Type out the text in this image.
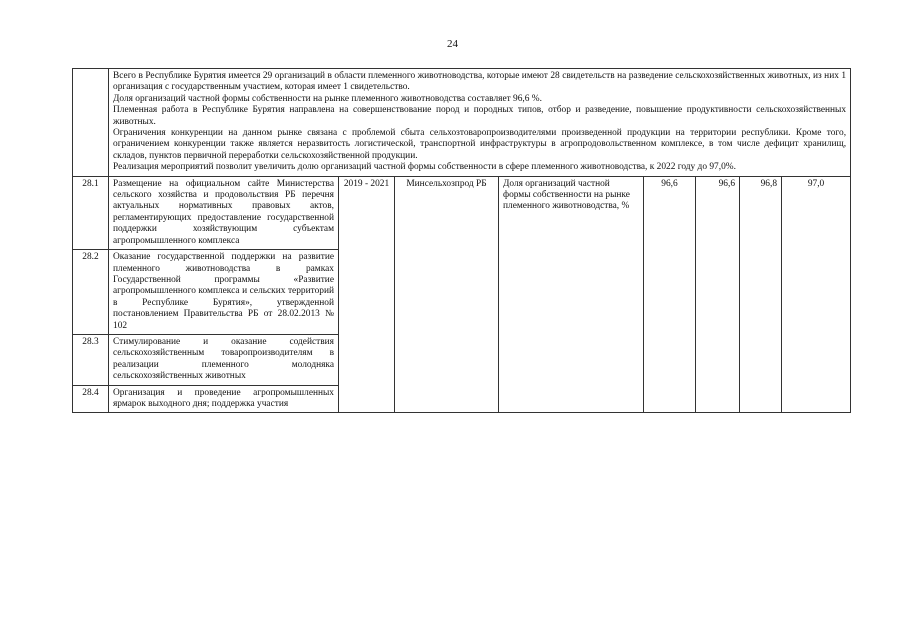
24

	Всего в Республике Бурятия имеется 29 организаций в области племенного животноводства, которые имеют 28 свидетельств на разведение сельскохозяйственных животных, из них 1 организация с государственным участием, которая имеет 1 свидетельство.

Доля организаций частной формы собственности на рынке племенного животноводства составляет 96,6 %.

Племенная работа в Республике Бурятия направлена на совершенствование пород и породных типов, отбор и разведение, повышение продуктивности сельскохозяйственных животных.

Ограничения конкуренции на данном рынке связана с проблемой сбыта сельхозтоваропроизводителями произведенной продукции на территории республики. Кроме того, ограничением конкуренции также является неразвитость логистической, транспортной инфраструктуры в агропродовольственном комплексе, в том числе дефицит хранилищ, складов, пунктов первичной переработки сельскохозяйственной продукции.

Реализация мероприятий позволит увеличить долю организаций частной формы собственности в сфере племенного животноводства, к 2022 году до 97,0%.							

28.1	Размещение на официальном сайте Министерства сельского хозяйства и продовольствия РБ перечня актуальных нормативных правовых актов, регламентирующих предоставление государственной поддержки хозяйствующим субъектам агропромышленного комплекса	2019 - 2021	Минсельхозпрод РБ	Доля организаций частной формы собственности на рынке племенного животноводства, %	96,6	96,6	96,8	97,0
28.2	Оказание государственной поддержки на развитие племенного животноводства в рамках Государственной программы «Развитие агропромышленного комплекса и сельских территорий в Республике Бурятия», утвержденной постановлением Правительства РБ от 28.02.2013 № 102							
28.3	Стимулирование и оказание содействия сельскохозяйственным товаропроизводителям в реализации племенного молодняка сельскохозяйственных животных							
28.4	Организация и проведение агропромышленных ярмарок выходного дня; поддержка участия							
